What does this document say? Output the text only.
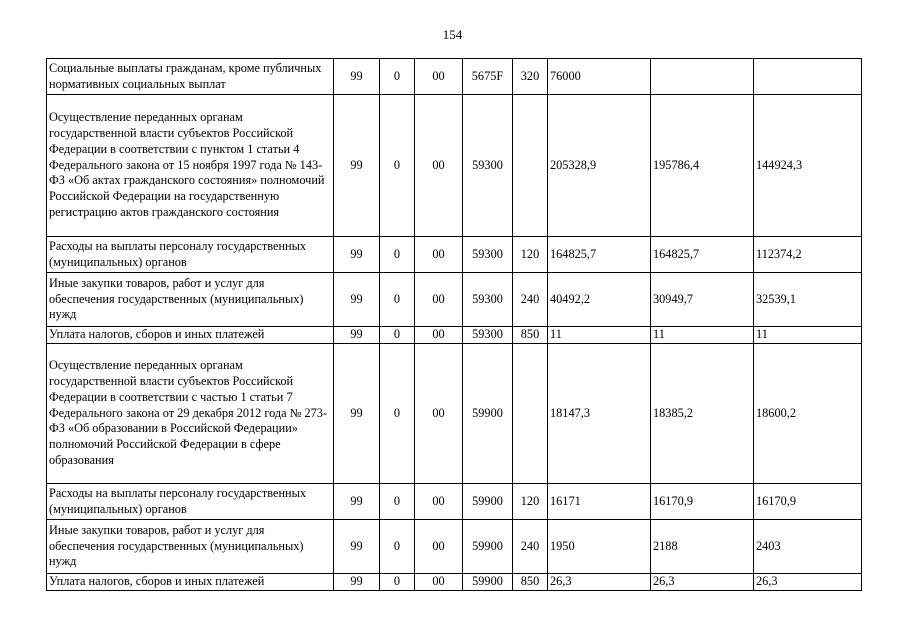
154
Социальные выплаты гражданам, кроме публичных нормативных социальных выплат	99	0	00	5675F	320	76000		
Осуществление переданных органам государственной власти субъектов Российской Федерации в соответствии с пунктом 1 статьи 4 Федерального закона от 15 ноября 1997 года № 143-ФЗ «Об актах гражданского состояния» полномочий Российской Федерации на государственную регистрацию актов гражданского состояния	99	0	00	59300		205328,9	195786,4	144924,3
Расходы на выплаты персоналу государственных (муниципальных) органов	99	0	00	59300	120	164825,7	164825,7	112374,2
Иные закупки товаров, работ и услуг для обеспечения государственных (муниципальных) нужд	99	0	00	59300	240	40492,2	30949,7	32539,1
Уплата налогов, сборов и иных платежей	99	0	00	59300	850	11	11	11
Осуществление переданных органам государственной власти субъектов Российской Федерации в соответствии с частью 1 статьи 7 Федерального закона от 29 декабря 2012 года № 273-ФЗ «Об образовании в Российской Федерации» полномочий Российской Федерации в сфере образования	99	0	00	59900		18147,3	18385,2	18600,2
Расходы на выплаты персоналу государственных (муниципальных) органов	99	0	00	59900	120	16171	16170,9	16170,9
Иные закупки товаров, работ и услуг для обеспечения государственных (муниципальных) нужд	99	0	00	59900	240	1950	2188	2403
Уплата налогов, сборов и иных платежей	99	0	00	59900	850	26,3	26,3	26,3
